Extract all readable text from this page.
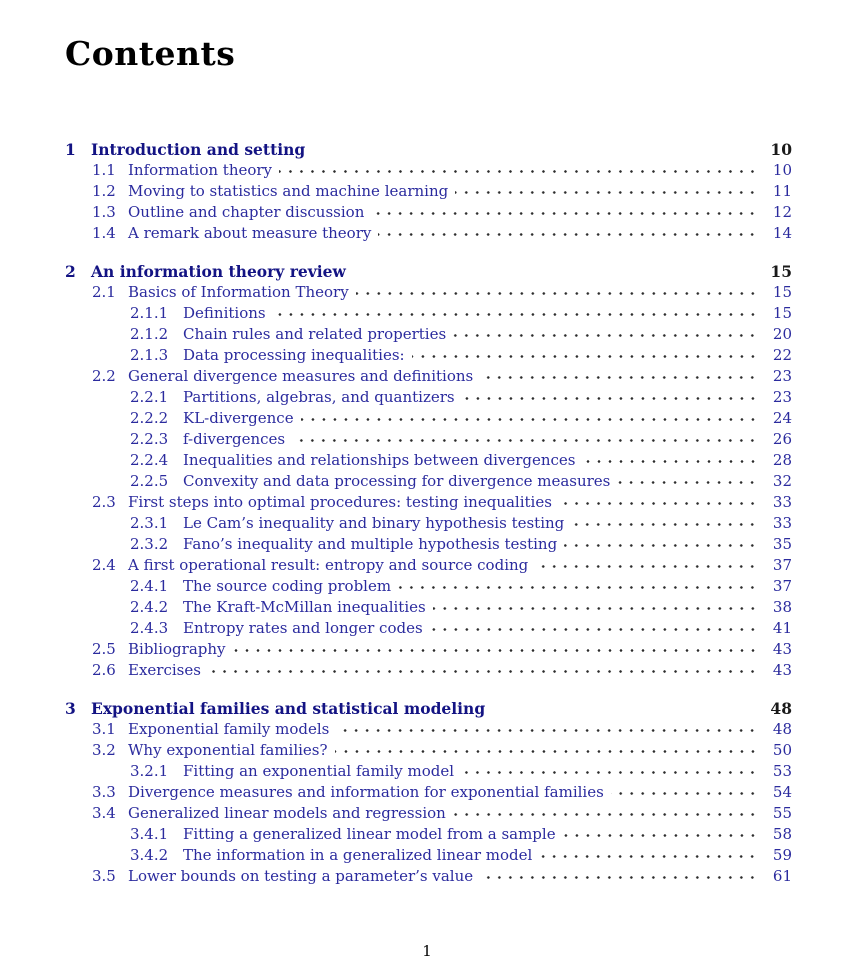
Contents
1 Introduction and setting	10
1.1 Information theory	10
1.2 Moving to statistics and machine learning	11
1.3 Outline and chapter discussion	12
1.4 A remark about measure theory	14
2 An information theory review	15
2.1 Basics of Information Theory	15
2.1.1 Definitions	15
2.1.2 Chain rules and related properties	20
2.1.3 Data processing inequalities:	22
2.2 General divergence measures and definitions	23
2.2.1 Partitions, algebras, and quantizers	23
2.2.2 KL-divergence	24
2.2.3 f-divergences	26
2.2.4 Inequalities and relationships between divergences	28
2.2.5 Convexity and data processing for divergence measures	32
2.3 First steps into optimal procedures: testing inequalities	33
2.3.1 Le Cam’s inequality and binary hypothesis testing	33
2.3.2 Fano’s inequality and multiple hypothesis testing	35
2.4 A first operational result: entropy and source coding	37
2.4.1 The source coding problem	37
2.4.2 The Kraft-McMillan inequalities	38
2.4.3 Entropy rates and longer codes	41
2.5 Bibliography	43
2.6 Exercises	43
3 Exponential families and statistical modeling	48
3.1 Exponential family models	48
3.2 Why exponential families?	50
3.2.1 Fitting an exponential family model	53
3.3 Divergence measures and information for exponential families	54
3.4 Generalized linear models and regression	55
3.4.1 Fitting a generalized linear model from a sample	58
3.4.2 The information in a generalized linear model	59
3.5 Lower bounds on testing a parameter’s value	61
1
